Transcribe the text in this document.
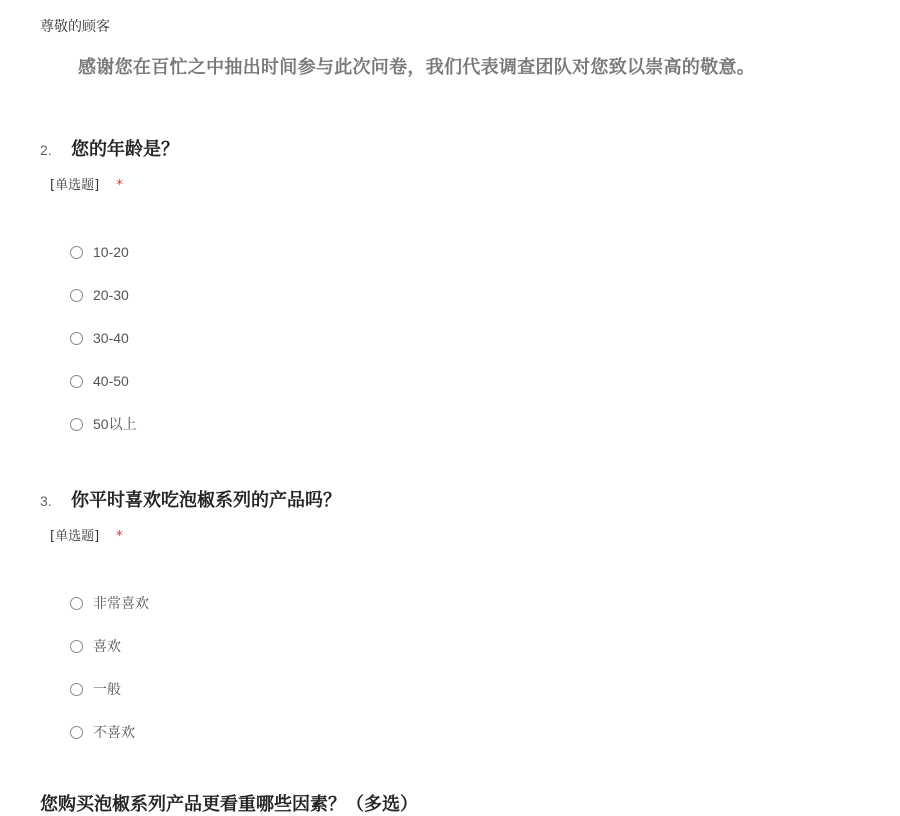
尊敬的顾客
感谢您在百忙之中抽出时间参与此次问卷，我们代表调查团队对您致以崇高的敬意。
2.	您的年龄是？
[单选题] *
10-20
20-30
30-40
40-50
50以上
3.	你平时喜欢吃泡椒系列的产品吗？
[单选题] *
非常喜欢
喜欢
一般
不喜欢
您购买泡椒系列产品更看重哪些因素？（多选）
